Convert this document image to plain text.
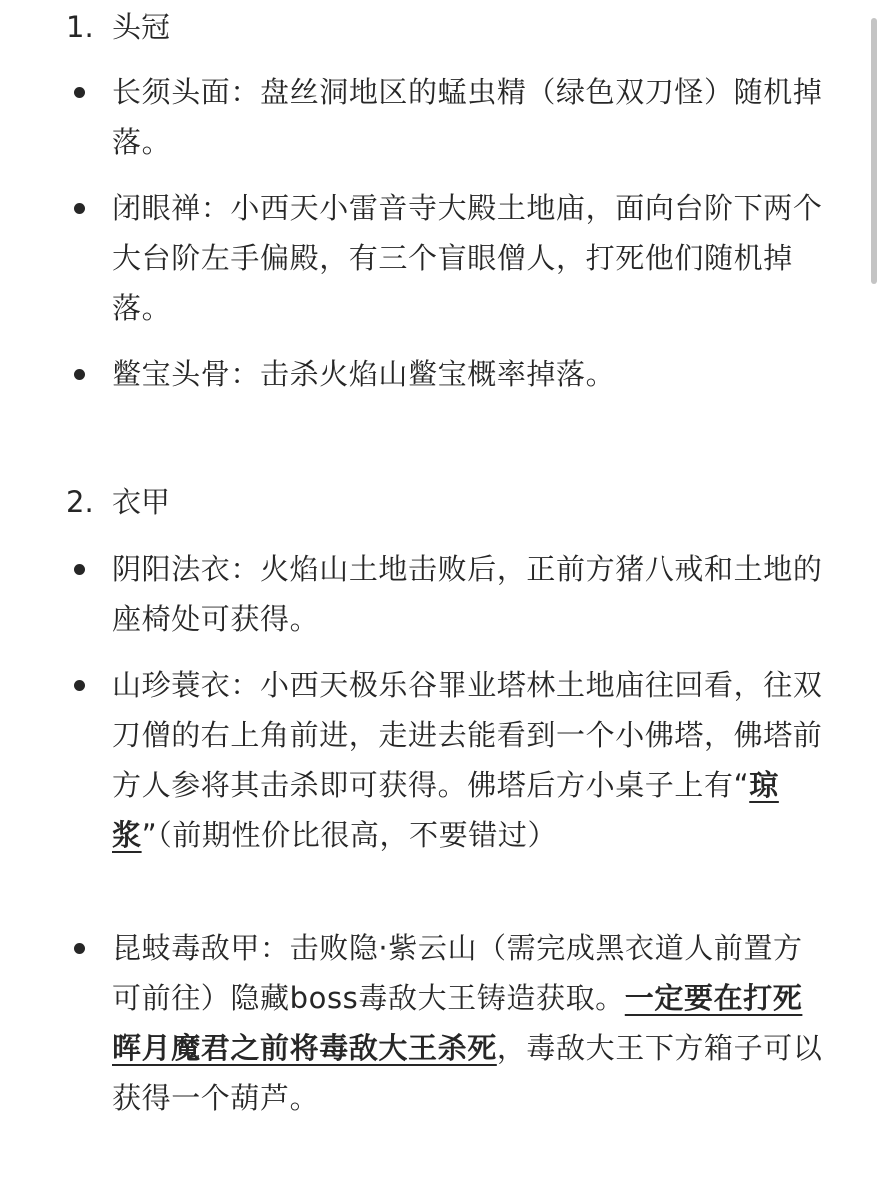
1. 头冠
长须头面：盘丝洞地区的蜢虫精（绿色双刀怪）随机掉落。
闭眼禅：小西天小雷音寺大殿土地庙，面向台阶下两个大台阶左手偏殿，有三个盲眼僧人，打死他们随机掉落。
鳖宝头骨：击杀火焰山鳖宝概率掉落。
2. 衣甲
阴阳法衣：火焰山土地击败后，正前方猪八戒和土地的座椅处可获得。
山珍蓑衣：小西天极乐谷罪业塔林土地庙往回看，往双刀僧的右上角前进，走进去能看到一个小佛塔，佛塔前方人参将其击杀即可获得。佛塔后方小桌子上有“琼浆”（前期性价比很高，不要错过）
昆蚑毒敌甲：击败隐·紫云山（需完成黑衣道人前置方可前往）隐藏boss毒敌大王铸造获取。一定要在打死晖月魔君之前将毒敌大王杀死，毒敌大王下方箱子可以获得一个葫芦。
